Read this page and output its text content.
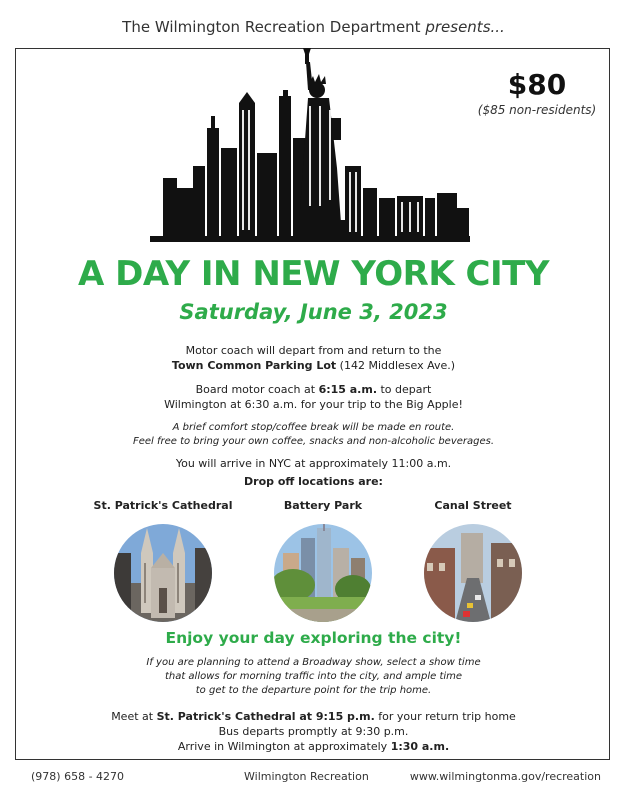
The Wilmington Recreation Department presents...
$80
($85 non-residents)
A DAY IN NEW YORK CITY
Saturday, June 3, 2023
Motor coach will depart from and return to the
Town Common Parking Lot (142 Middlesex Ave.)
Board motor coach at 6:15 a.m. to depart
Wilmington at 6:30 a.m. for your trip to the Big Apple!
A brief comfort stop/coffee break will be made en route.
Feel free to bring your own coffee, snacks and non-alcoholic beverages.
You will arrive in NYC at approximately 11:00 a.m.
Drop off locations are:
St. Patrick's Cathedral	Battery Park	Canal Street
Enjoy your day exploring the city!
If you are planning to attend a Broadway show, select a show time
that allows for morning traffic into the city, and ample time
to get to the departure point for the trip home.
Meet at St. Patrick's Cathedral at 9:15 p.m. for your return trip home
Bus departs promptly at 9:30 p.m.
Arrive in Wilmington at approximately 1:30 a.m.
(978) 658 - 4270	Wilmington Recreation	www.wilmingtonma.gov/recreation
